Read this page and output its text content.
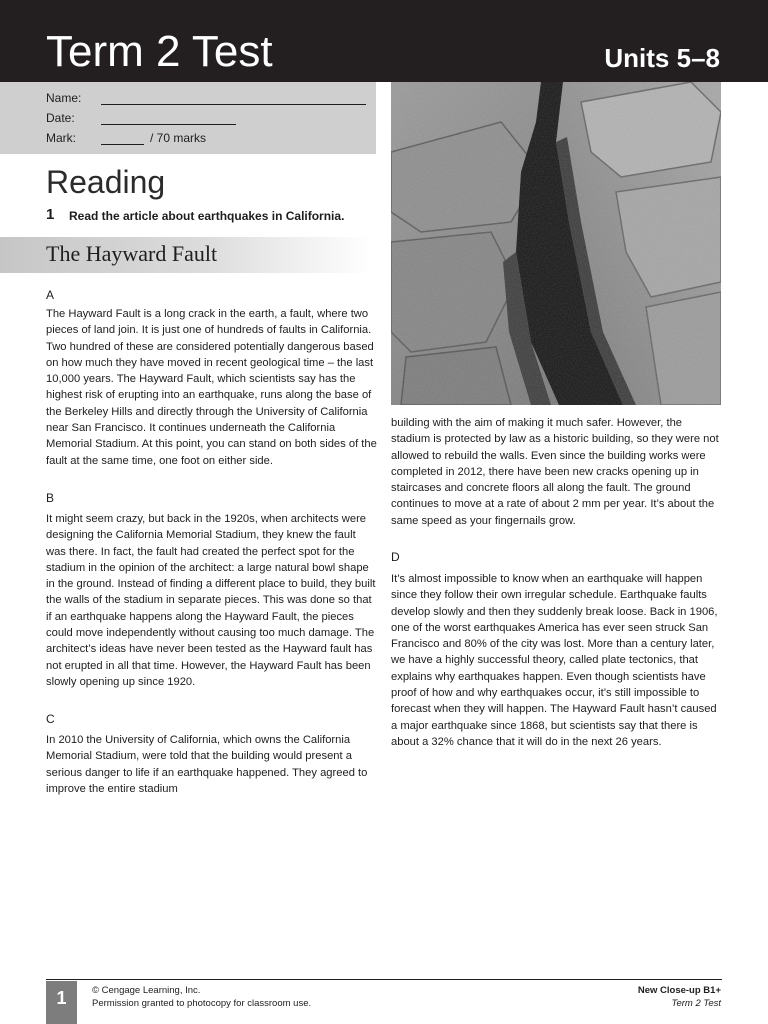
Term 2 Test	Units 5–8
Name:
Date:
Mark:	/ 70 marks
Reading
1 Read the article about earthquakes in California.
The Hayward Fault
A

The Hayward Fault is a long crack in the earth, a fault, where two pieces of land join. It is just one of hundreds of faults in California. Two hundred of these are considered potentially dangerous based on how much they have moved in recent geological time – the last 10,000 years. The Hayward Fault, which scientists say has the highest risk of erupting into an earthquake, runs along the base of the Berkeley Hills and directly through the University of California near San Francisco. It continues underneath the California Memorial Stadium. At this point, you can stand on both sides of the fault at the same time, one foot on either side.

B

It might seem crazy, but back in the 1920s, when architects were designing the California Memorial Stadium, they knew the fault was there. In fact, the fault had created the perfect spot for the stadium in the opinion of the architect: a large natural bowl shape in the ground. Instead of finding a different place to build, they built the walls of the stadium in separate pieces. This was done so that if an earthquake happens along the Hayward Fault, the pieces could move independently without causing too much damage. The architect’s ideas have never been tested as the Hayward fault has not erupted in all that time. However, the Hayward Fault has been slowly opening up since 1920.

C

In 2010 the University of California, which owns the California Memorial Stadium, were told that the building would present a serious danger to life if an earthquake happened. They agreed to improve the entire stadium

building with the aim of making it much safer. However, the stadium is protected by law as a historic building, so they were not allowed to rebuild the walls. Even since the building works were completed in 2012, there have been new cracks opening up in staircases and concrete floors all along the fault. The ground continues to move at a rate of about 2 mm per year. It’s about the same speed as your fingernails grow.

D

It’s almost impossible to know when an earthquake will happen since they follow their own irregular schedule. Earthquake faults develop slowly and then they suddenly break loose. Back in 1906, one of the worst earthquakes America has ever seen struck San Francisco and 80% of the city was lost. More than a century later, we have a highly successful theory, called plate tectonics, that explains why earthquakes happen. Even though scientists have proof of how and why earthquakes occur, it’s still impossible to forecast when they will happen. The Hayward Fault hasn’t caused a major earthquake since 1868, but scientists say that there is about a 32% chance that it will do in the next 26 years.

1	© Cengage Learning, Inc.
Permission granted to photocopy for classroom use.
New Close-up B1+
Term 2 Test
